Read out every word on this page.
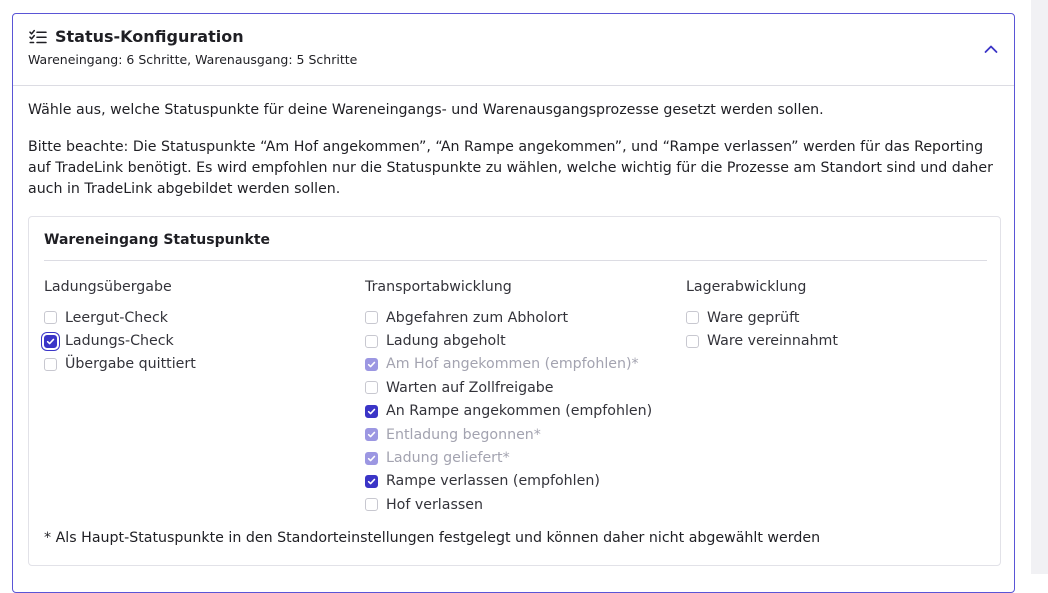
Status-Konfiguration
Wareneingang: 6 Schritte, Warenausgang: 5 Schritte
Wähle aus, welche Statuspunkte für deine Wareneingangs- und Warenausgangsprozesse gesetzt werden sollen.
Bitte beachte: Die Statuspunkte “Am Hof angekommen”, “An Rampe angekommen”, und “Rampe verlassen” werden für das Reporting auf TradeLink benötigt. Es wird empfohlen nur die Statuspunkte zu wählen, welche wichtig für die Prozesse am Standort sind und daher auch in TradeLink abgebildet werden sollen.
Wareneingang Statuspunkte
Ladungsübergabe
Leergut-Check
Ladungs-Check
Übergabe quittiert
Transportabwicklung
Abgefahren zum Abholort
Ladung abgeholt
Am Hof angekommen (empfohlen)*
Warten auf Zollfreigabe
An Rampe angekommen (empfohlen)
Entladung begonnen*
Ladung geliefert*
Rampe verlassen (empfohlen)
Hof verlassen
Lagerabwicklung
Ware geprüft
Ware vereinnahmt
* Als Haupt-Statuspunkte in den Standorteinstellungen festgelegt und können daher nicht abgewählt werden
